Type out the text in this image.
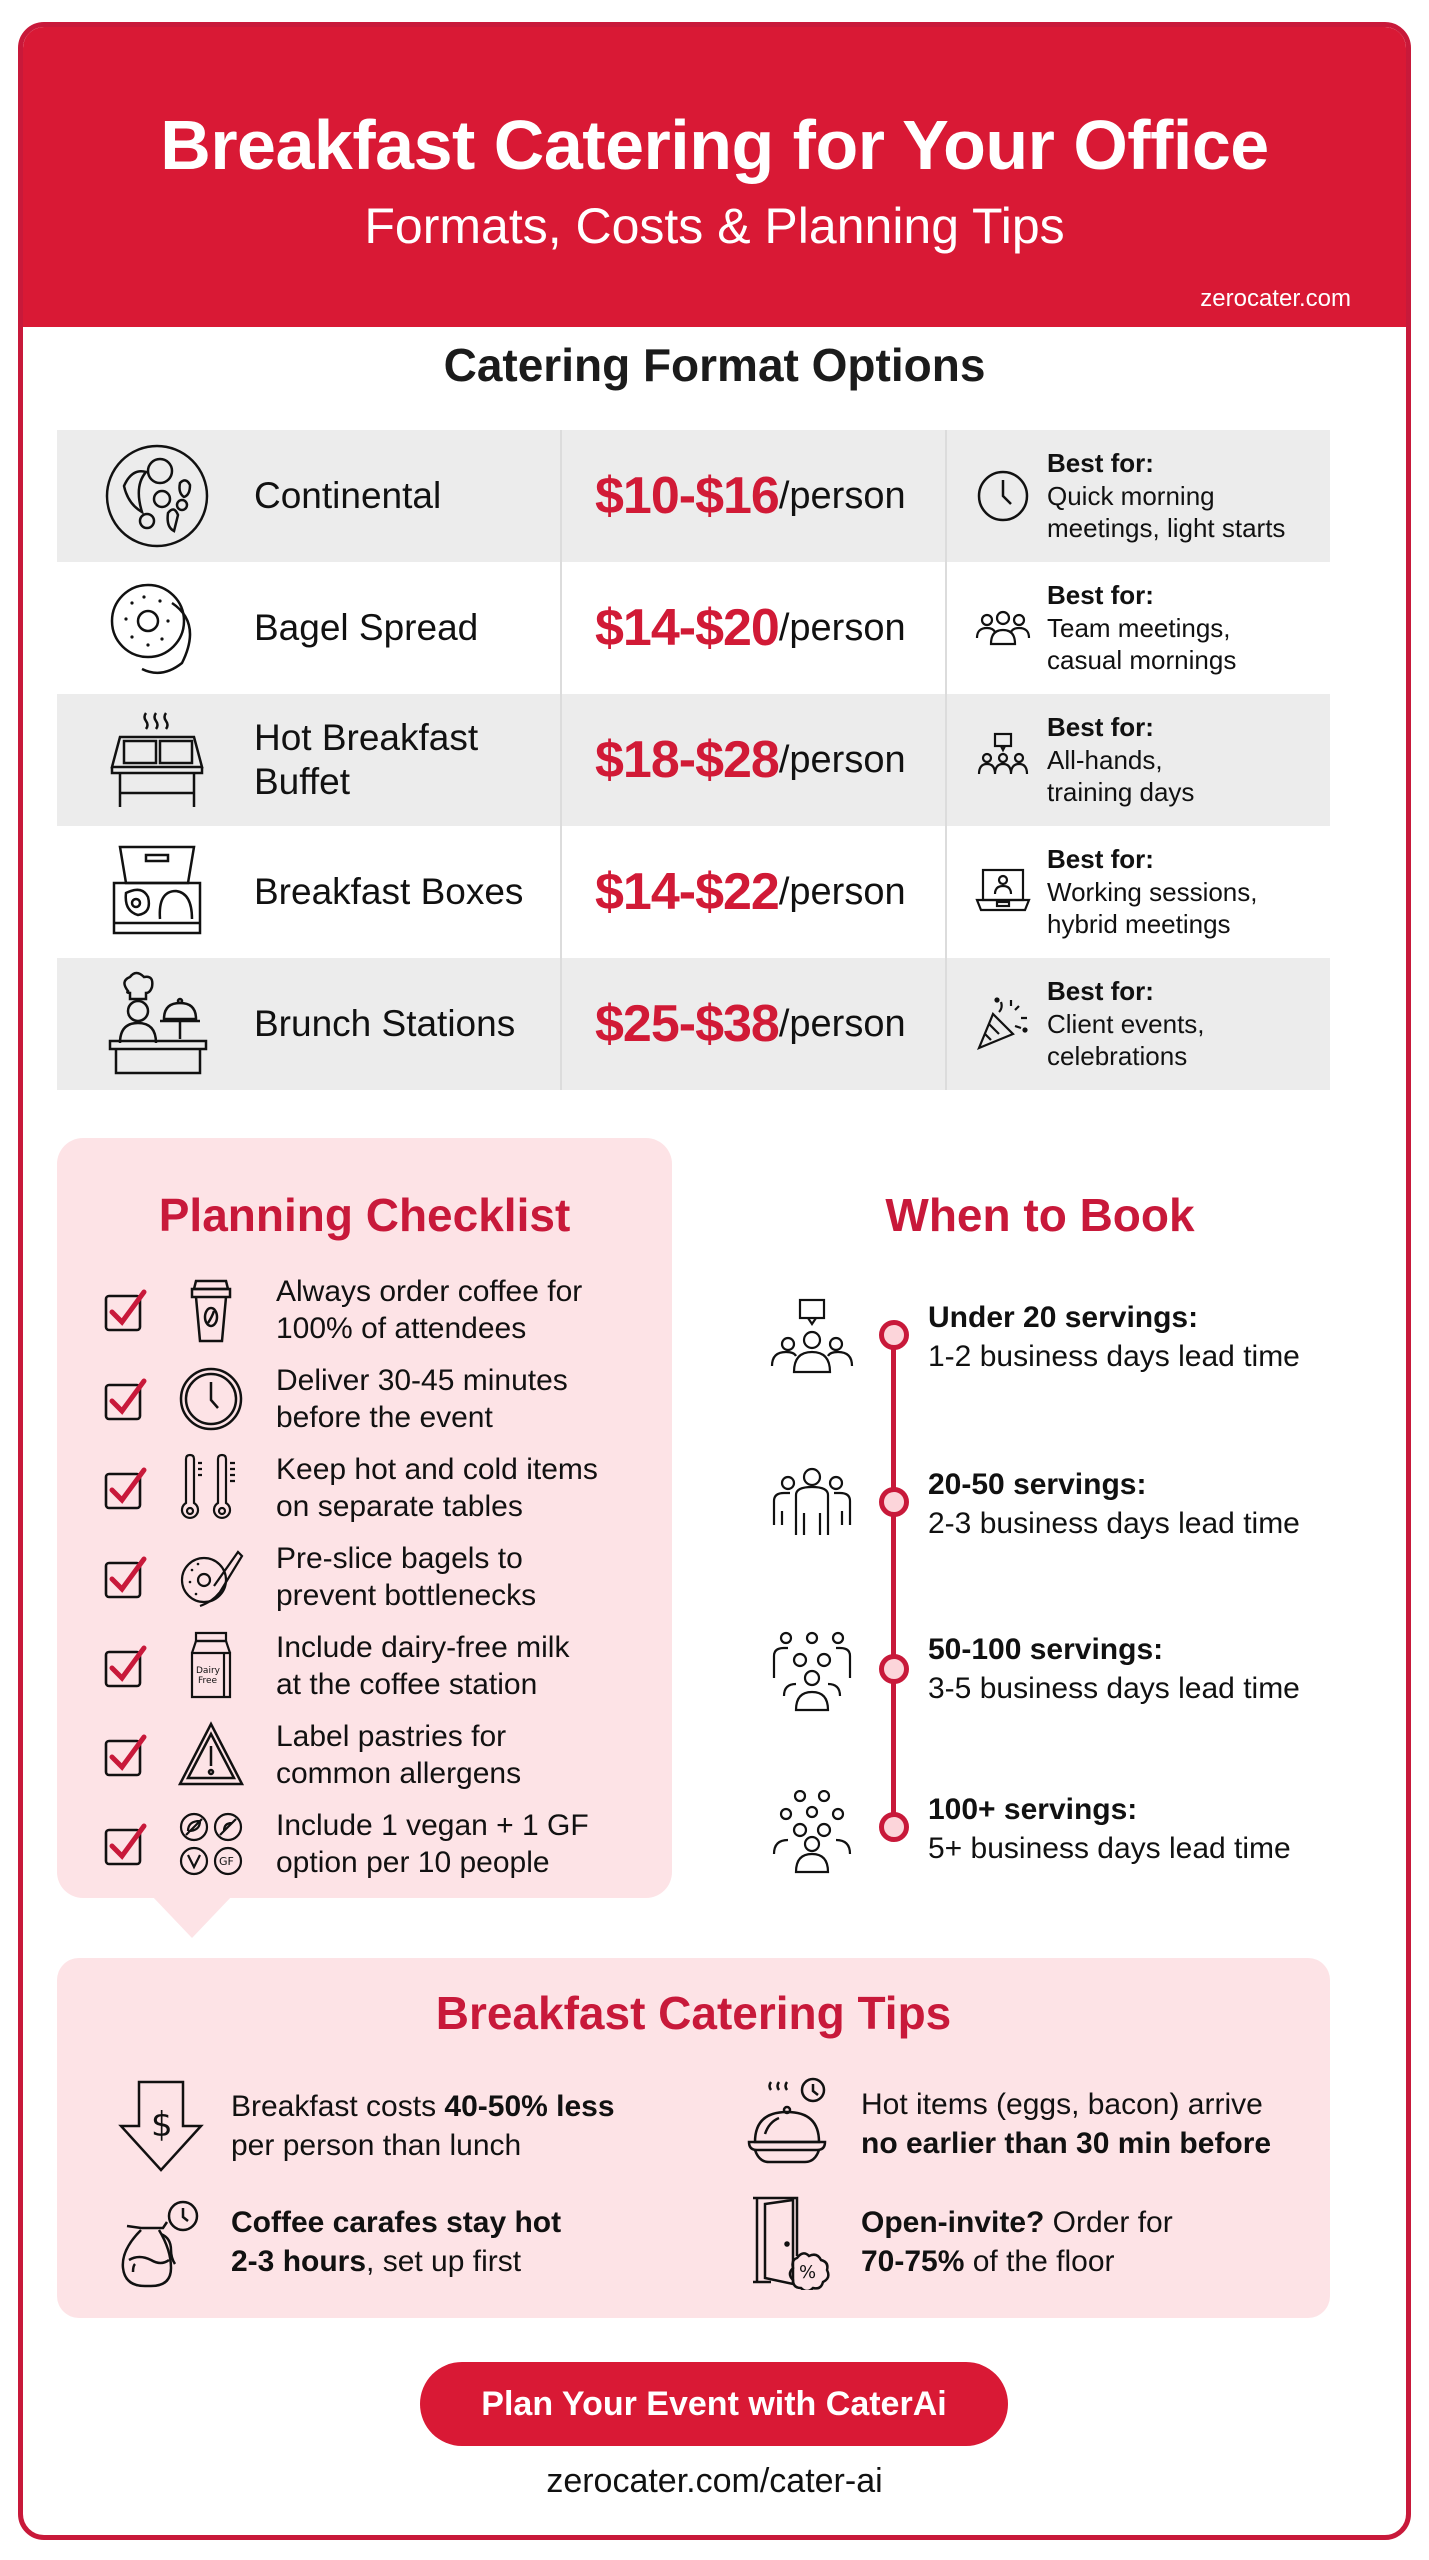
Breakfast Catering for Your Office
Formats, Costs & Planning Tips
zerocater.com
Catering Format Options
Continental	$10-$16 /person
Best for:
Quick morning meetings, light starts
Bagel Spread $14-$20 /person
Best for:
Team meetings, casual mornings
Hot Breakfast Buffet	$18-$28 /person
Best for:
All-hands, training days
Breakfast Boxes $14-$22 /person
Best for:
Working sessions, hybrid meetings
Brunch Stations $25-$38 /person
Best for:
Client events, celebrations
Planning Checklist
Always order coffee for
100% of attendees
Deliver 30-45 minutes
before the event
Keep hot and cold items
on separate tables
Pre-slice bagels to
prevent bottlenecks
Dairy
Free
Include dairy-free milk
at the coffee station
Label pastries for
common allergens
GF
Include 1 vegan + 1 GF
option per 10 people
When to Book
Under 20 servings:
1-2 business days lead time
20-50 servings:
2-3 business days lead time
50-100 servings:
3-5 business days lead time
100+ servings:
5+ business days lead time
Breakfast Catering Tips
$ Breakfast costs 40-50% less
per person than lunch
Hot items (eggs, bacon) arrive
no earlier than 30 min before
Coffee carafes stay hot
2-3 hours, set up first	%
Open-invite? Order for
70-75% of the floor
Plan Your Event with CaterAi
zerocater.com/cater-ai
